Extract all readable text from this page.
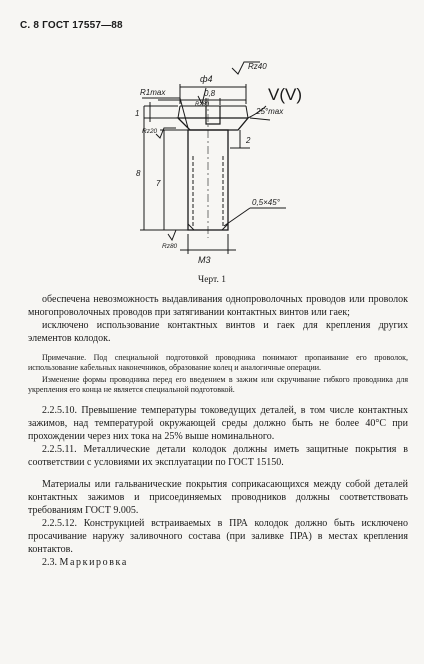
С. 8 ГОСТ 17557—88
Rz40
ф4
0,8
R1max
Rz80
Rz20
25°max
1
2
8
7
0,5×45°
М3
Rz80
V(V)
Черт. 1

обеспечена невозможность выдавливания однопроволочных проводов или проволок многопроволочных проводов при затягивании контактных винтов или гаек;

исключено использование контактных винтов и гаек для крепления других элементов колодок.

Примечание. Под специальной подготовкой проводника понимают пропаивание его проволок, использование кабельных наконечников, образование колец и аналогичные операции.

Изменение формы проводника перед его введением в зажим или скручивание гибкого проводника для укрепления его конца не является специальной подготовкой.

2.2.5.10. Превышение температуры токоведущих деталей, в том числе контактных зажимов, над температурой окружающей среды должно быть не более 40°С при прохождении через них тока на 25% выше номинального.

2.2.5.11. Металлические детали колодок должны иметь защитные покрытия в соответствии с условиями их эксплуатации по ГОСТ 15150.

Материалы или гальванические покрытия соприкасающихся между собой деталей контактных зажимов и присоединяемых проводников должны соответствовать требованиям ГОСТ 9.005.

2.2.5.12. Конструкцией встраиваемых в ПРА колодок должно быть исключено просачивание наружу заливочного состава (при заливке ПРА) в местах крепления контактов.

2.3. Маркировка
